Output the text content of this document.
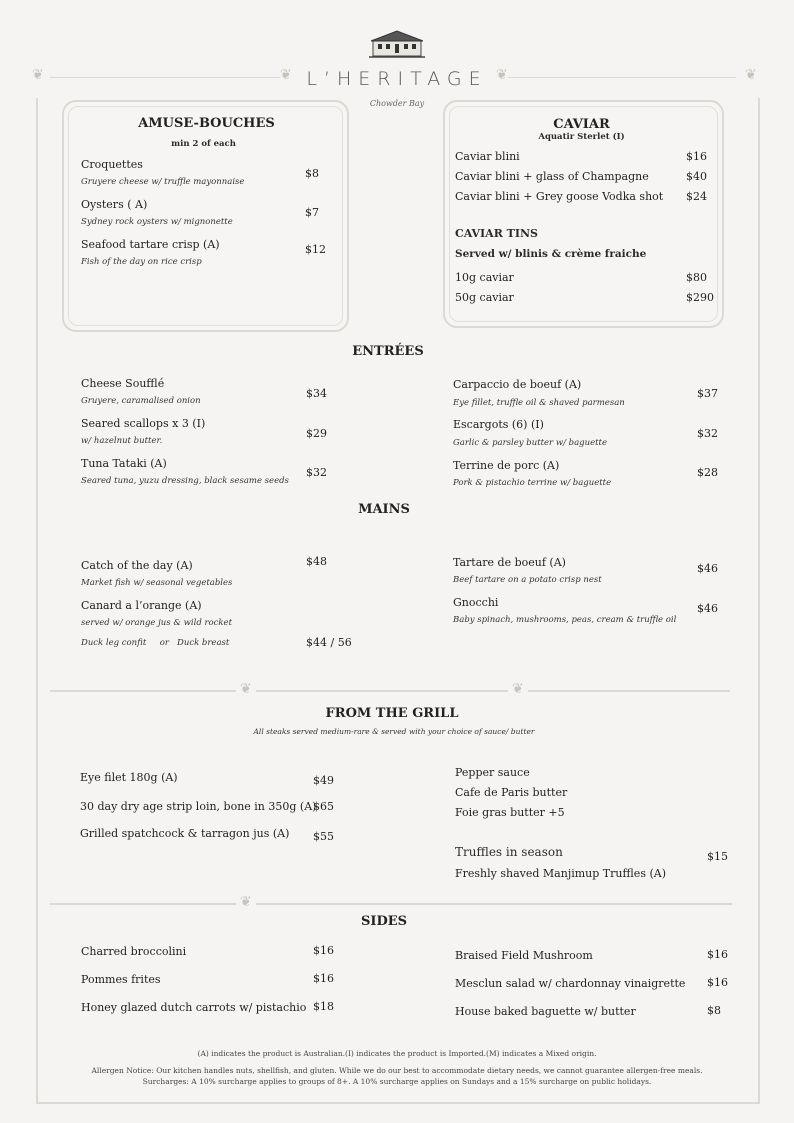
❦	❦	❦	❦
L’HERITAGE
Chowder Bay
AMUSE-BOUCHES
min 2 of each
Croquettes
Gruyere cheese w/ truffle mayonnaise
$8
Oysters ( A)
Sydney rock oysters w/ mignonette
$7
Seafood tartare crisp (A)
Fish of the day on rice crisp
$12
CAVIAR
Aquatir Sterlet (I)
Caviar blini	$16
Caviar blini + glass of Champagne	$40
Caviar blini + Grey goose Vodka shot $24
CAVIAR TINS
Served w/ blinis & crème fraiche
10g caviar	$80
50g caviar	$290
ENTRÉES
Cheese Soufflé
Gruyere, caramalised onion
$34
Seared scallops x 3 (I)
w/ hazelnut butter.
$29
Tuna Tataki (A)
Seared tuna, yuzu dressing, black sesame seeds
$32
Carpaccio de boeuf (A)
Eye fillet, truffle oil & shaved parmesan
$37
Escargots (6) (I)
Garlic & parsley butter w/ baguette
$32
Terrine de porc (A)
Pork & pistachio terrine w/ baguette
$28
MAINS
Catch of the day (A)
Market fish w/ seasonal vegetables
$48
Canard a l’orange (A)
served w/ orange jus & wild rocket
Duck leg confit     or   Duck breast	$44 / 56
Tartare de boeuf (A)
Beef tartare on a potato crisp nest
$46
Gnocchi
Baby spinach, mushrooms, peas, cream & truffle oil
$46
❦	❦
FROM THE GRILL
All steaks served medium-rare & served with your choice of sauce/ butter
Eye filet 180g (A)	$49
30 day dry age strip loin, bone in 350g (A)
$65
Grilled spatchcock & tarragon jus (A) $55
Pepper sauce
Cafe de Paris butter
Foie gras butter +5
Truffles in season
Freshly shaved Manjimup Truffles (A)
$15
❦
SIDES
Charred broccolini	$16
Pommes frites	$16
Honey glazed dutch carrots w/ pistachio $18
Braised Field Mushroom	$16
Mesclun salad w/ chardonnay vinaigrette $16
House baked baguette w/ butter	$8
(A) indicates the product is Australian.(I) indicates the product is Imported.(M) indicates a Mixed origin.
Allergen Notice: Our kitchen handles nuts, shellfish, and gluten. While we do our best to accommodate dietary needs, we cannot guarantee allergen-free meals.
Surcharges: A 10% surcharge applies to groups of 8+. A 10% surcharge applies on Sundays and a 15% surcharge on public holidays.
